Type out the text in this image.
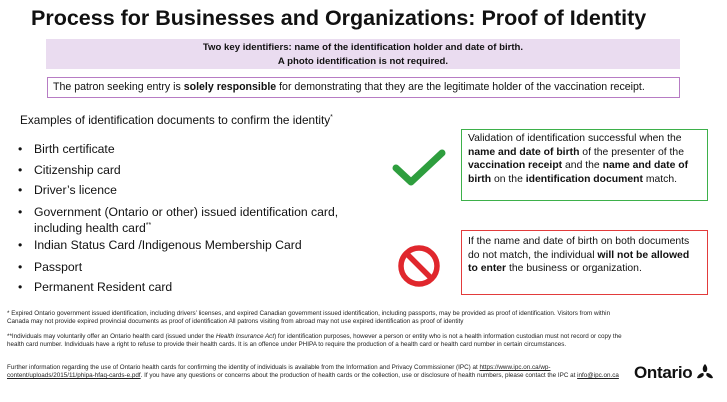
Process for Businesses and Organizations: Proof of Identity
Two key identifiers: name of the identification holder and date of birth.
A photo identification is not required.
The patron seeking entry is solely responsible for demonstrating that they are the legitimate holder of the vaccination receipt.
Examples of identification documents to confirm the identity*
• Birth certificate
• Citizenship card
• Driver’s licence
• Government (Ontario or other) issued identification card,
including health card**
• Indian Status Card /Indigenous Membership Card
• Passport
• Permanent Resident card
Validation of identification successful when the name and date of birth of the presenter of the vaccination receipt and the name and date of birth on the identification document match.
If the name and date of birth on both documents do not match, the individual will not be allowed to enter the business or organization.
* Expired Ontario government issued identification, including drivers’ licenses, and expired Canadian government issued identification, including passports, may be provided as proof of identification. Visitors from within Canada may not provide expired provincial documents as proof of identification All patrons visiting from abroad may not use expired identification as proof of identity
**Individuals may voluntarily offer an Ontario health card (issued under the Health Insurance Act) for identification purposes, however a person or entity who is not a health information custodian must not record or copy the health card number. Individuals have a right to refuse to provide their health cards. It is an offence under PHIPA to require the production of a health card or health card number in certain circumstances.
Further information regarding the use of Ontario health cards for confirming the identity of individuals is available from the Information and Privacy Commissioner (IPC) at https://www.ipc.on.ca/wp-content/uploads/2015/11/phipa-hfaq-cards-e.pdf. If you have any questions or concerns about the production of health cards or the collection, use or disclosure of health numbers, please contact the IPC at info@ipc.on.ca Ontario
